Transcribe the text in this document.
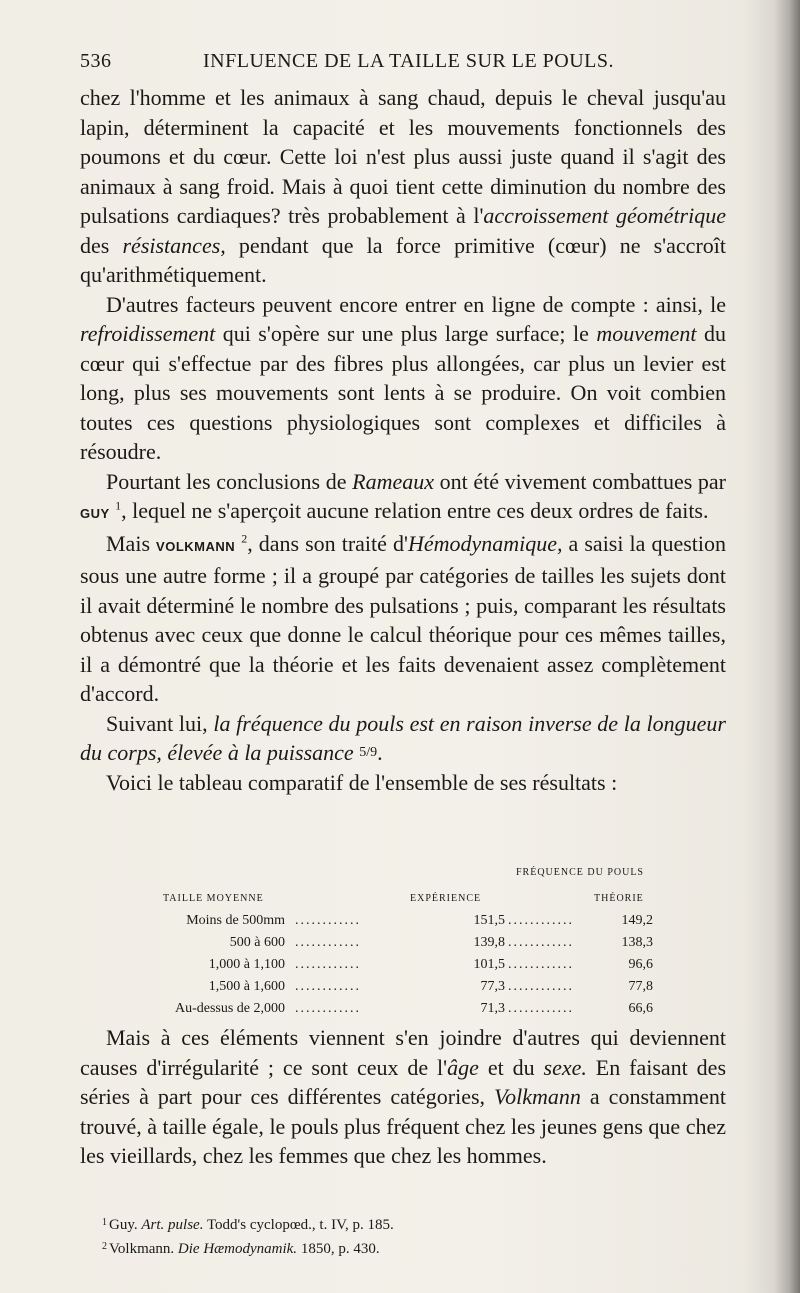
536	INFLUENCE DE LA TAILLE SUR LE POULS.

chez l'homme et les animaux à sang chaud, depuis le cheval jusqu'au lapin, déterminent la capacité et les mouvements fonctionnels des poumons et du cœur. Cette loi n'est plus aussi juste quand il s'agit des animaux à sang froid. Mais à quoi tient cette diminution du nombre des pulsations cardiaques? très probablement à l'accroissement géométrique des résistances, pendant que la force primitive (cœur) ne s'accroît qu'arithmétiquement.

D'autres facteurs peuvent encore entrer en ligne de compte : ainsi, le refroidissement qui s'opère sur une plus large surface; le mouvement du cœur qui s'effectue par des fibres plus allongées, car plus un levier est long, plus ses mouvements sont lents à se produire. On voit combien toutes ces questions physiologiques sont complexes et difficiles à résoudre.

Pourtant les conclusions de Rameaux ont été vivement combattues par GUY $^1$, lequel ne s'aperçoit aucune relation entre ces deux ordres de faits.

Mais VOLKMANN $^2$, dans son traité d'Hémodynamique, a saisi la question sous une autre forme ; il a groupé par catégories de tailles les sujets dont il avait déterminé le nombre des pulsations ; puis, comparant les résultats obtenus avec ceux que donne le calcul théorique pour ces mêmes tailles, il a démontré que la théorie et les faits devenaient assez complètement d'accord.

Suivant lui, la fréquence du pouls est en raison inverse de la longueur du corps, élevée à la puissance 5/9.

Voici le tableau comparatif de l'ensemble de ses résultats :

FRÉQUENCE DU POULS
TAILLE MOYENNE	EXPÉRIENCE	THÉORIE
Moins de 500mm ............	151,5 ............	149,2
500 à 600 ............	139,8 ............	138,3
1,000 à 1,100 ............	101,5 ............	96,6
1,500 à 1,600 ............	77,3 ............	77,8
Au-dessus de 2,000 ............	71,3 ............	66,6

Mais à ces éléments viennent s'en joindre d'autres qui deviennent causes d'irrégularité ; ce sont ceux de l'âge et du sexe. En faisant des séries à part pour ces différentes catégories, Volkmann a constamment trouvé, à taille égale, le pouls plus fréquent chez les jeunes gens que chez les vieillards, chez les femmes que chez les hommes.

$^1$ Guy. Art. pulse. Todd's cyclopœd., t. IV, p. 185.
$^2$ Volkmann. Die Hæmodynamik. 1850, p. 430.
